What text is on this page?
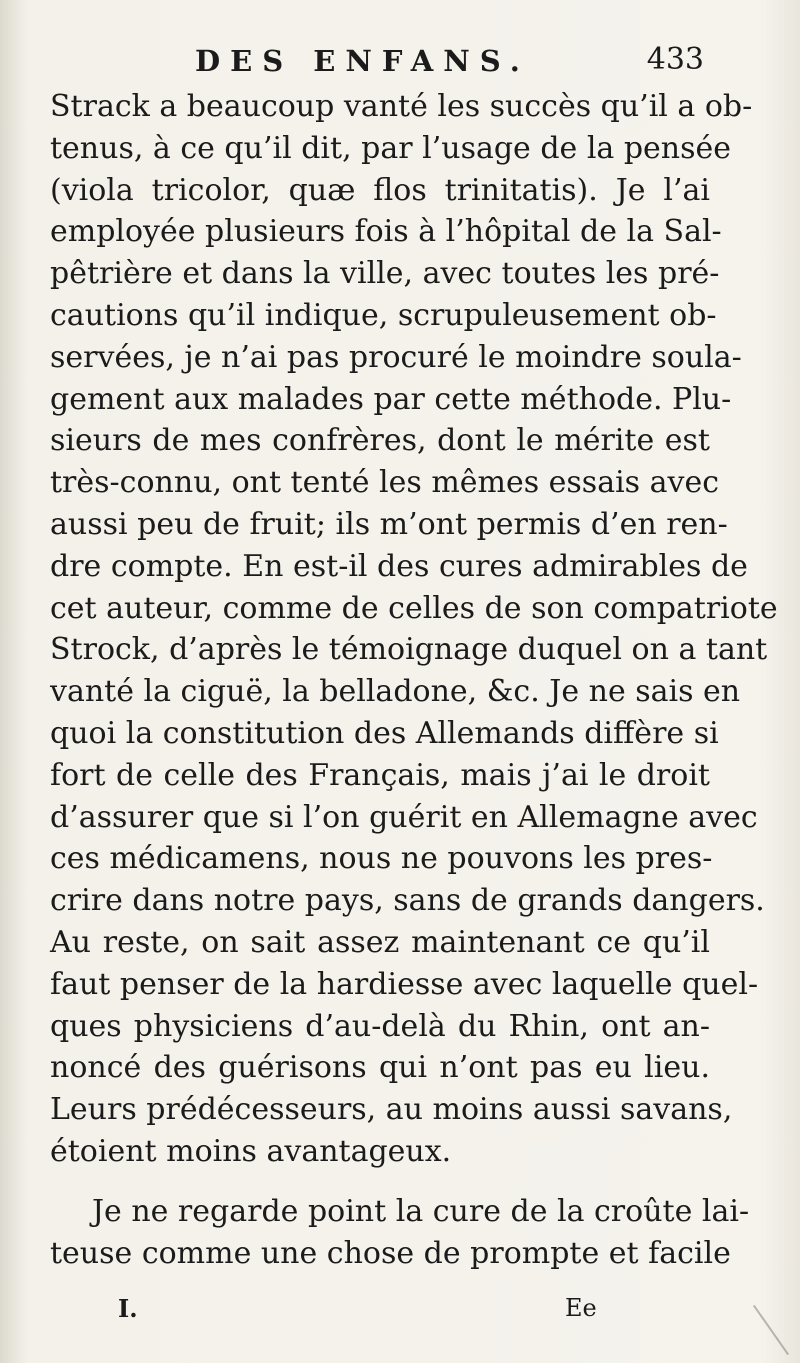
DES ENFANS.	433
Strack a beaucoup vanté les succès qu’il a ob-
tenus, à ce qu’il dit, par l’usage de la pensée
(viola tricolor, quæ flos trinitatis). Je l’ai
employée plusieurs fois à l’hôpital de la Sal-
pêtrière et dans la ville, avec toutes les pré-
cautions qu’il indique, scrupuleusement ob-
servées, je n’ai pas procuré le moindre soula-
gement aux malades par cette méthode. Plu-
sieurs de mes confrères, dont le mérite est
très-connu, ont tenté les mêmes essais avec
aussi peu de fruit; ils m’ont permis d’en ren-
dre compte. En est-il des cures admirables de
cet auteur, comme de celles de son compatriote
Strock, d’après le témoignage duquel on a tant
vanté la ciguë, la belladone, &c. Je ne sais en
quoi la constitution des Allemands diffère si
fort de celle des Français, mais j’ai le droit
d’assurer que si l’on guérit en Allemagne avec
ces médicamens, nous ne pouvons les pres-
crire dans notre pays, sans de grands dangers.
Au reste, on sait assez maintenant ce qu’il
faut penser de la hardiesse avec laquelle quel-
ques physiciens d’au-delà du Rhin, ont an-
noncé des guérisons qui n’ont pas eu lieu.
Leurs prédécesseurs, au moins aussi savans,
étoient moins avantageux.
Je ne regarde point la cure de la croûte lai-
teuse comme une chose de prompte et facile
I.	Ee
